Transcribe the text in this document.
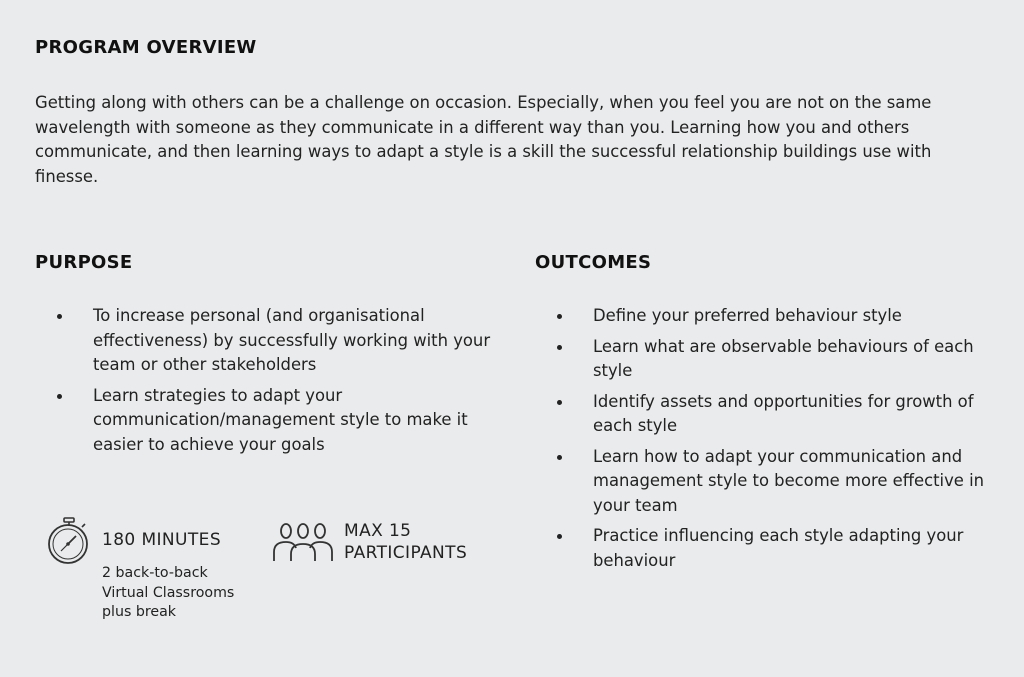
PROGRAM OVERVIEW

Getting along with others can be a challenge on occasion. Especially, when you feel you are not on the same wavelength with someone as they communicate in a different way than you. Learning how you and others communicate, and then learning ways to adapt a style is a skill the successful relationship buildings use with finesse.

PURPOSE
To increase personal (and organisational effectiveness) by successfully working with your team or other stakeholders
Learn strategies to adapt your communication/management style to make it easier to achieve your goals
OUTCOMES
Define your preferred behaviour style
Learn what are observable behaviours of each style
Identify assets and opportunities for growth of each style
Learn how to adapt your communication and management style to become more effective in your team
Practice influencing each style adapting your behaviour
180 MINUTES
2 back-to-back
Virtual Classrooms
plus break
MAX 15
PARTICIPANTS
